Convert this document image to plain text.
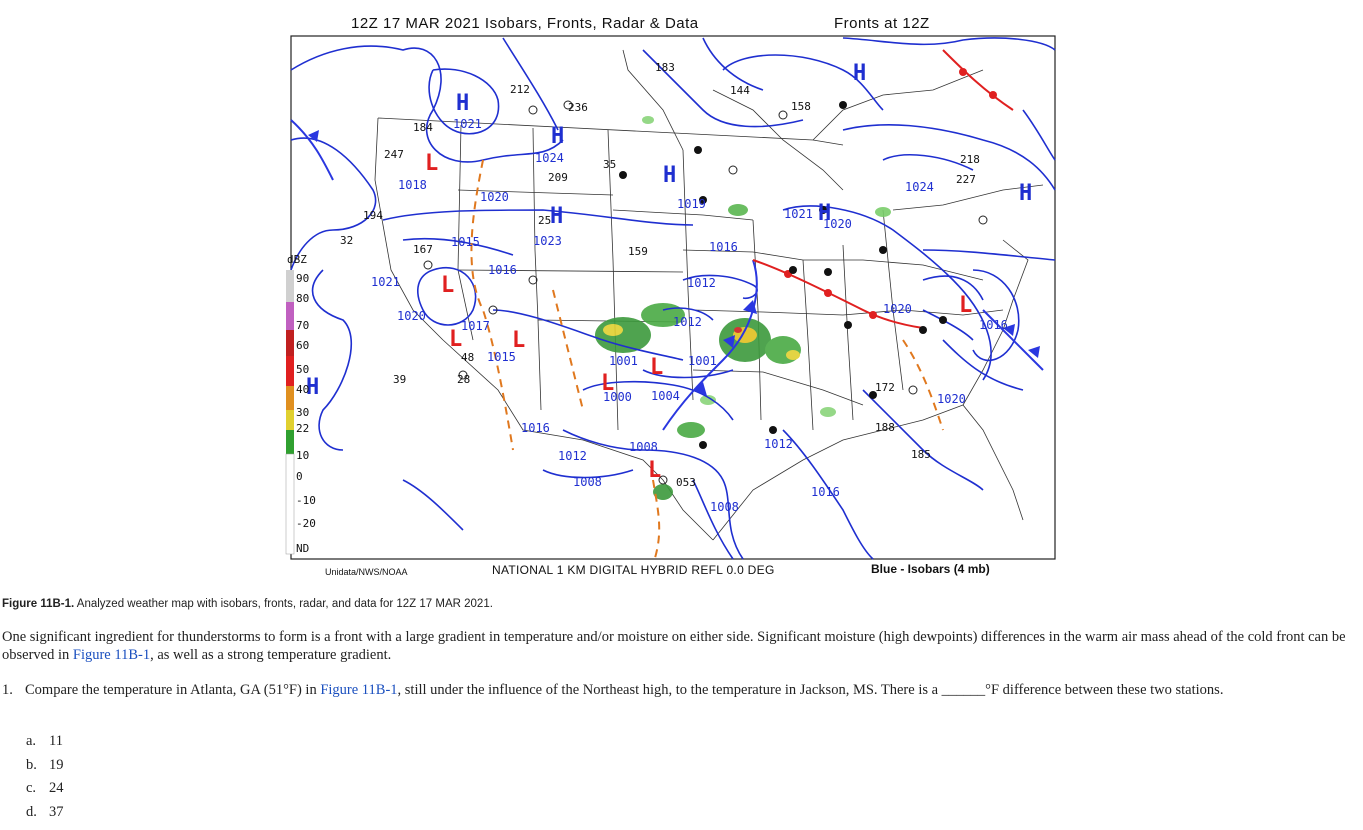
12Z 17 MAR 2021 Isobars, Fronts, Radar & Data	Fronts at 12Z
H
H
H
H
H
H
H
H
L
L
L L
L
L
L
L
1021
1024
1018
1020
1015	1023
1019
1016
1021
1020
1017
1012
1024
1015
1016
1021
1020
1012
1001	1001
1000 1004
1008
1008
1012
1016
1012
1020
1020
1016
1008
1016
212
236
247
184
209
194
167
25
35
32
159
144
158
183
218
227
053
172
188
185
48
28
39
dBZ
90
80
70
60
50
40
30
22
10
0
-10
-20
ND
Unidata/NWS/NOAA	NATIONAL 1 KM DIGITAL HYBRID REFL 0.0 DEG	Blue - Isobars (4 mb)
Figure 11B-1. Analyzed weather map with isobars, fronts, radar, and data for 12Z 17 MAR 2021.
One significant ingredient for thunderstorms to form is a front with a large gradient in temperature and/or moisture on either side. Significant moisture (high dewpoints) differences in the warm air mass ahead of the cold front can be observed in Figure 11B-1, as well as a strong temperature gradient.
1. Compare the temperature in Atlanta, GA (51°F) in Figure 11B-1, still under the influence of the Northeast high, to the temperature in Jackson, MS. There is a ______°F difference between these two stations.
a. 11
b. 19
c. 24
d. 37
